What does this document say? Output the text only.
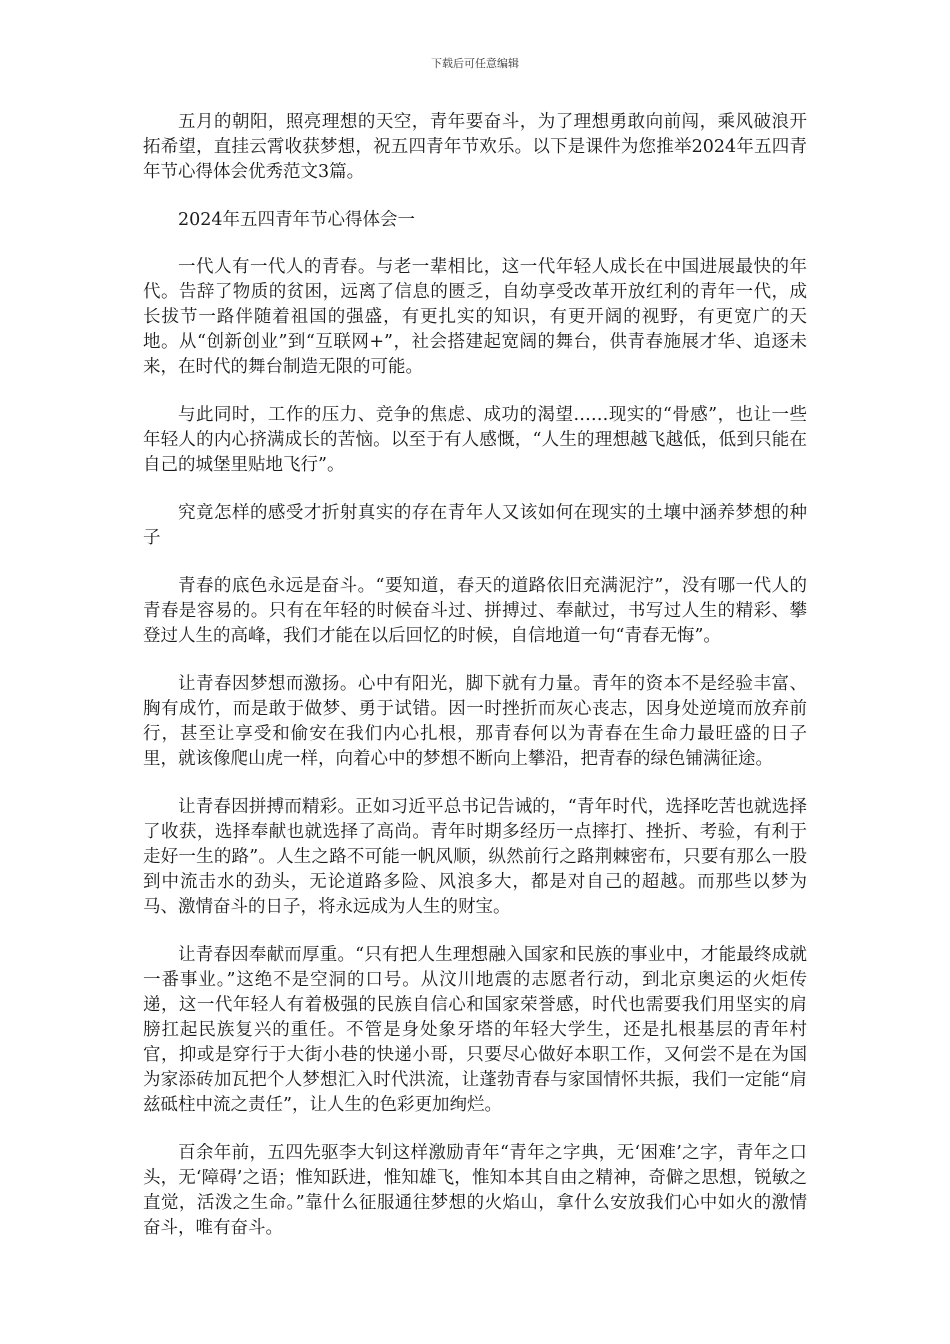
下载后可任意编辑

五月的朝阳，照亮理想的天空，青年要奋斗，为了理想勇敢向前闯，乘风破浪开拓希望，直挂云霄收获梦想，祝五四青年节欢乐。以下是课件为您推举2024年五四青年节心得体会优秀范文3篇。

2024年五四青年节心得体会一

一代人有一代人的青春。与老一辈相比，这一代年轻人成长在中国进展最快的年代。告辞了物质的贫困，远离了信息的匮乏，自幼享受改革开放红利的青年一代，成长拔节一路伴随着祖国的强盛，有更扎实的知识，有更开阔的视野，有更宽广的天地。从“创新创业”到“互联网+”，社会搭建起宽阔的舞台，供青春施展才华、追逐未来，在时代的舞台制造无限的可能。

与此同时，工作的压力、竞争的焦虑、成功的渴望……现实的“骨感”，也让一些年轻人的内心挤满成长的苦恼。以至于有人感慨，“人生的理想越飞越低，低到只能在自己的城堡里贴地飞行”。

究竟怎样的感受才折射真实的存在青年人又该如何在现实的土壤中涵养梦想的种子

青春的底色永远是奋斗。“要知道，春天的道路依旧充满泥泞”，没有哪一代人的青春是容易的。只有在年轻的时候奋斗过、拼搏过、奉献过，书写过人生的精彩、攀登过人生的高峰，我们才能在以后回忆的时候，自信地道一句“青春无悔”。

让青春因梦想而激扬。心中有阳光，脚下就有力量。青年的资本不是经验丰富、胸有成竹，而是敢于做梦、勇于试错。因一时挫折而灰心丧志，因身处逆境而放弃前行，甚至让享受和偷安在我们内心扎根，那青春何以为青春在生命力最旺盛的日子里，就该像爬山虎一样，向着心中的梦想不断向上攀沿，把青春的绿色铺满征途。

让青春因拼搏而精彩。正如习近平总书记告诫的，“青年时代，选择吃苦也就选择了收获，选择奉献也就选择了高尚。青年时期多经历一点摔打、挫折、考验，有利于走好一生的路”。人生之路不可能一帆风顺，纵然前行之路荆棘密布，只要有那么一股到中流击水的劲头，无论道路多险、风浪多大，都是对自己的超越。而那些以梦为马、激情奋斗的日子，将永远成为人生的财宝。

让青春因奉献而厚重。“只有把人生理想融入国家和民族的事业中，才能最终成就一番事业。”这绝不是空洞的口号。从汶川地震的志愿者行动，到北京奥运的火炬传递，这一代年轻人有着极强的民族自信心和国家荣誉感，时代也需要我们用坚实的肩膀扛起民族复兴的重任。不管是身处象牙塔的年轻大学生，还是扎根基层的青年村官，抑或是穿行于大街小巷的快递小哥，只要尽心做好本职工作，又何尝不是在为国为家添砖加瓦把个人梦想汇入时代洪流，让蓬勃青春与家国情怀共振，我们一定能“肩兹砥柱中流之责任”，让人生的色彩更加绚烂。

百余年前，五四先驱李大钊这样激励青年“青年之字典，无‘困难’之字，青年之口头，无‘障碍’之语；惟知跃进，惟知雄飞，惟知本其自由之精神，奇僻之思想，锐敏之直觉，活泼之生命。”靠什么征服通往梦想的火焰山，拿什么安放我们心中如火的激情奋斗，唯有奋斗。
